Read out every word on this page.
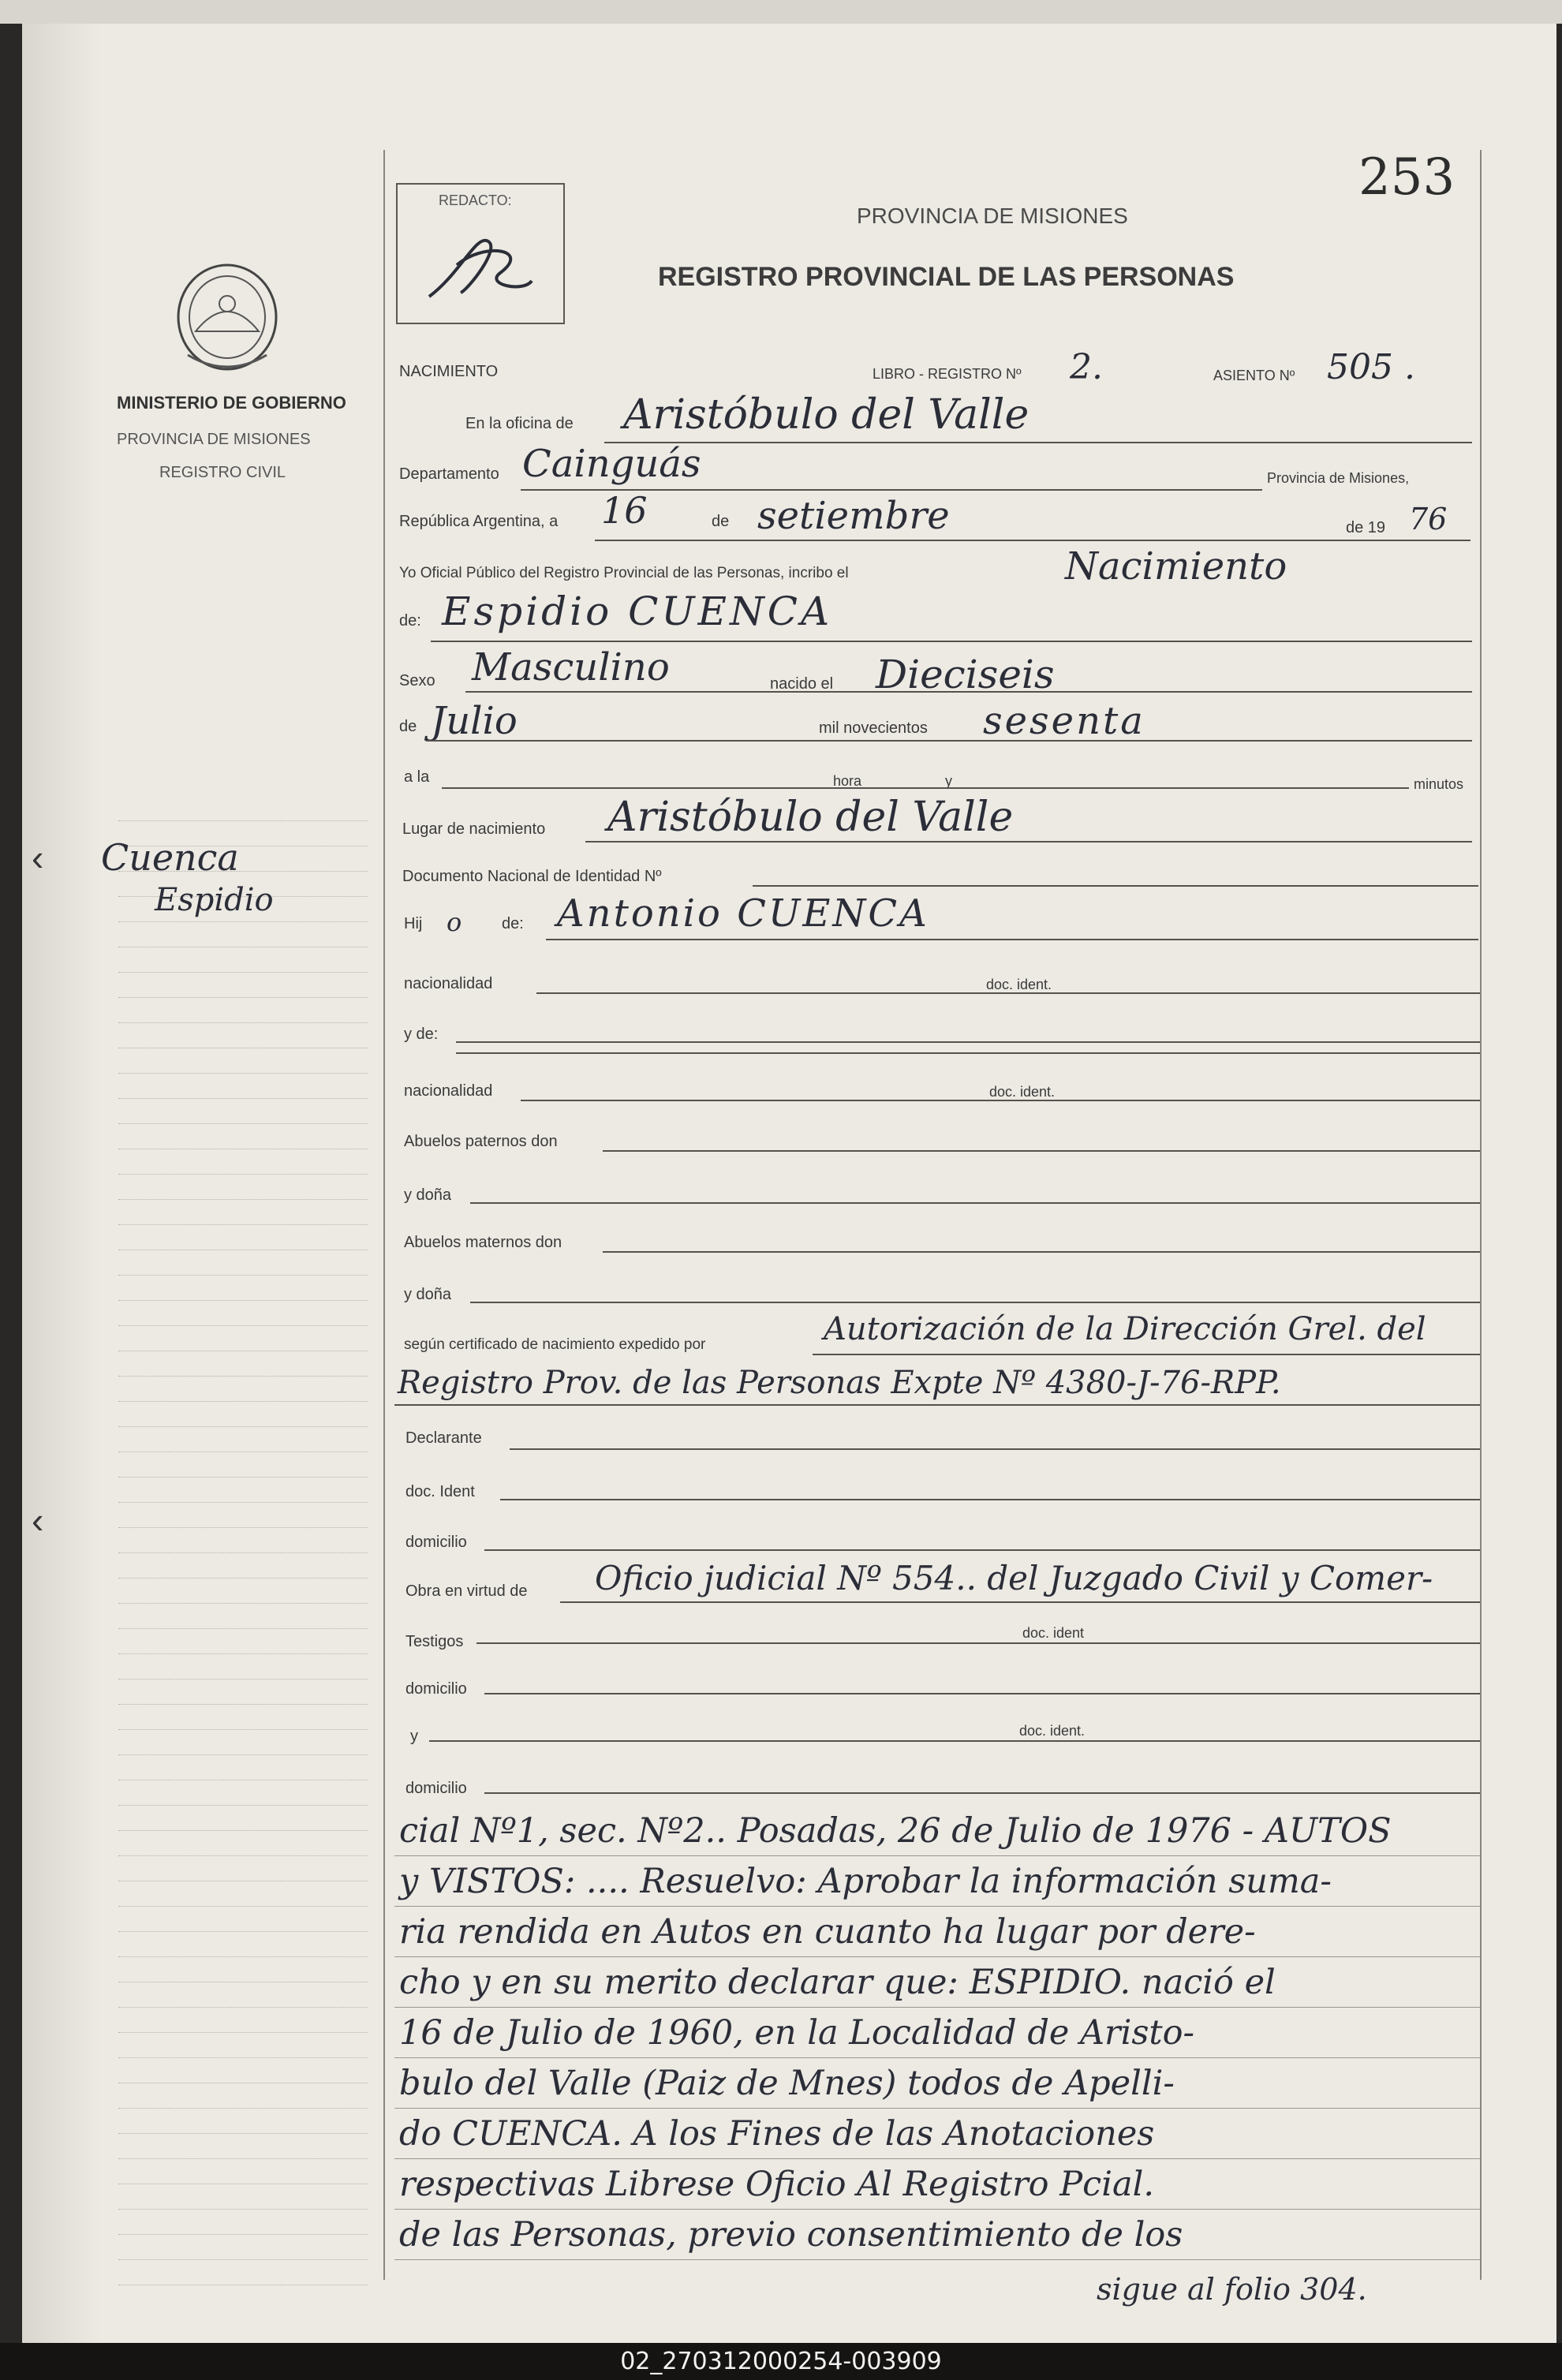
MINISTERIO DE GOBIERNO
PROVINCIA DE MISIONES
REGISTRO CIVIL
Cuenca
Espidio
‹
‹
253
REDACTO:
PROVINCIA DE MISIONES
REGISTRO PROVINCIAL DE LAS PERSONAS
NACIMIENTO	LIBRO - REGISTRO Nº 2.	ASIENTO Nº 505 .
En la oficina de Aristóbulo del Valle
Departamento Cainguás	Provincia de Misiones,
República Argentina, a 16	de setiembre	de 19 76
Yo Oficial Público del Registro Provincial de las Personas, incribo el	Nacimiento
de: Espidio CUENCA
Sexo Masculino	nacido el Dieciseis
de Julio	mil novecientos sesenta
a la	hora	y	minutos
Lugar de nacimiento Aristóbulo del Valle
Documento Nacional de Identidad Nº
Hij o	de: Antonio CUENCA
nacionalidad	doc. ident.
y de:
nacionalidad	doc. ident.
Abuelos paternos don
y doña
Abuelos maternos don
y doña
según certificado de nacimiento expedido por	Autorización de la Dirección Grel. del
Registro Prov. de las Personas Expte Nº 4380-J-76-RPP.
Declarante
doc. Ident
domicilio
Obra en virtud de Oficio judicial Nº 554.. del Juzgado Civil y Comer-
Testigos	doc. ident
domicilio
y	doc. ident.
domicilio
cial Nº1, sec. Nº2.. Posadas, 26 de Julio de 1976 - AUTOS
y VISTOS: .... Resuelvo: Aprobar la información suma-
ria rendida en Autos en cuanto ha lugar por dere-
cho y en su merito declarar que: ESPIDIO. nació el
16 de Julio de 1960, en la Localidad de Aristo-
bulo del Valle (Paiz de Mnes) todos de Apelli-
do CUENCA. A los Fines de las Anotaciones
respectivas Librese Oficio Al Registro Pcial.
de las Personas, previo consentimiento de los
sigue al folio 304.
02_270312000254-003909
